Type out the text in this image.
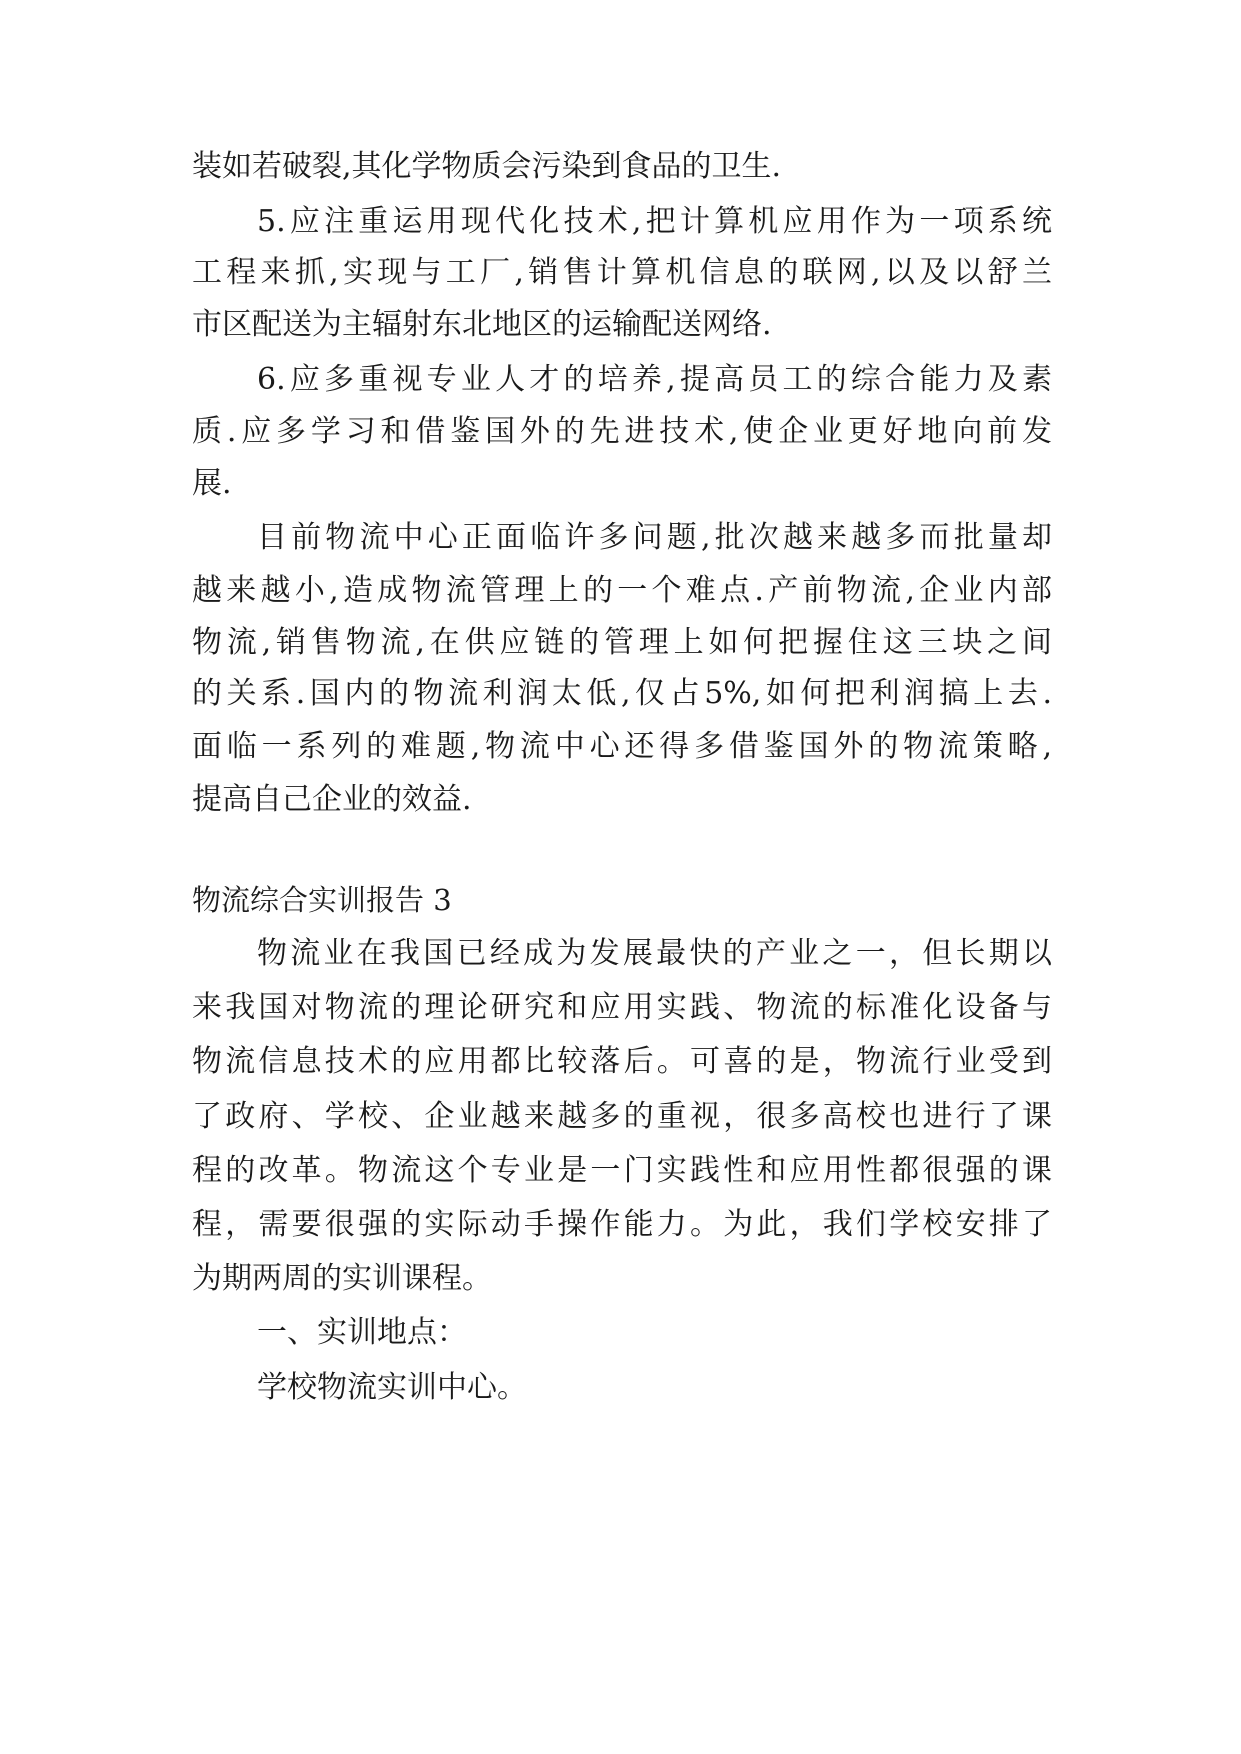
装如若破裂,其化学物质会污染到食品的卫生.
5.应注重运用现代化技术,把计算机应用作为一项系统
工程来抓,实现与工厂,销售计算机信息的联网,以及以舒兰
市区配送为主辐射东北地区的运输配送网络.
6.应多重视专业人才的培养,提高员工的综合能力及素
质.应多学习和借鉴国外的先进技术,使企业更好地向前发
展.
目前物流中心正面临许多问题,批次越来越多而批量却
越来越小,造成物流管理上的一个难点.产前物流,企业内部
物流,销售物流,在供应链的管理上如何把握住这三块之间
的关系.国内的物流利润太低,仅占5%,如何把利润搞上去.
面临一系列的难题,物流中心还得多借鉴国外的物流策略,
提高自己企业的效益.
物流综合实训报告 3
物流业在我国已经成为发展最快的产业之一，但长期以
来我国对物流的理论研究和应用实践、物流的标准化设备与
物流信息技术的应用都比较落后。可喜的是，物流行业受到
了政府、学校、企业越来越多的重视，很多高校也进行了课
程的改革。物流这个专业是一门实践性和应用性都很强的课
程，需要很强的实际动手操作能力。为此，我们学校安排了
为期两周的实训课程。
一、实训地点：
学校物流实训中心。
